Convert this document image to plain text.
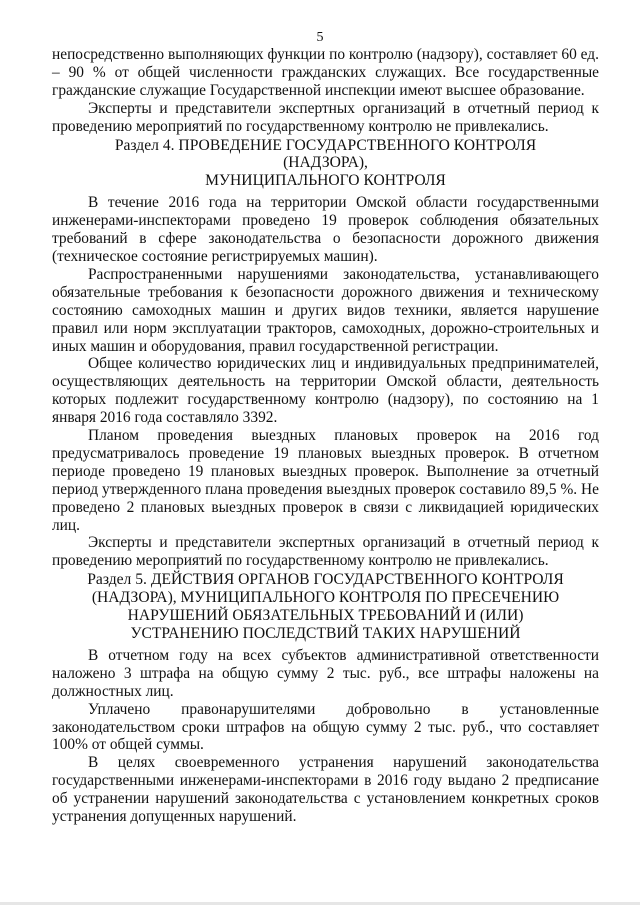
5

непосредственно выполняющих функции по контролю (надзору), составляет 60 ед. – 90 % от общей численности гражданских служащих. Все государственные гражданские служащие Государственной инспекции имеют высшее образование.

Эксперты и представители экспертных организаций в отчетный период к проведению мероприятий по государственному контролю не привлекались.

Раздел 4. ПРОВЕДЕНИЕ ГОСУДАРСТВЕННОГО КОНТРОЛЯ
(НАДЗОРА),
МУНИЦИПАЛЬНОГО КОНТРОЛЯ

В течение 2016 года на территории Омской области государственными инженерами-инспекторами проведено 19 проверок соблюдения обязательных требований в сфере законодательства о безопасности дорожного движения (техническое состояние регистрируемых машин).

Распространенными нарушениями законодательства, устанавливающего обязательные требования к безопасности дорожного движения и техническому состоянию самоходных машин и других видов техники, является нарушение правил или норм эксплуатации тракторов, самоходных, дорожно-строительных и иных машин и оборудования, правил государственной регистрации.

Общее количество юридических лиц и индивидуальных предпринимателей, осуществляющих деятельность на территории Омской области, деятельность которых подлежит государственному контролю (надзору), по состоянию на 1 января 2016 года составляло 3392.

Планом проведения выездных плановых проверок на 2016 год предусматривалось проведение 19 плановых выездных проверок. В отчетном периоде проведено 19 плановых выездных проверок. Выполнение за отчетный период утвержденного плана проведения выездных проверок составило 89,5 %. Не проведено 2 плановых выездных проверок в связи с ликвидацией юридических лиц.

Эксперты и представители экспертных организаций в отчетный период к проведению мероприятий по государственному контролю не привлекались.

Раздел 5. ДЕЙСТВИЯ ОРГАНОВ ГОСУДАРСТВЕННОГО КОНТРОЛЯ
(НАДЗОРА), МУНИЦИПАЛЬНОГО КОНТРОЛЯ ПО ПРЕСЕЧЕНИЮ
НАРУШЕНИЙ ОБЯЗАТЕЛЬНЫХ ТРЕБОВАНИЙ И (ИЛИ)
УСТРАНЕНИЮ ПОСЛЕДСТВИЙ ТАКИХ НАРУШЕНИЙ

В отчетном году на всех субъектов административной ответственности наложено 3 штрафа на общую сумму 2 тыс. руб., все штрафы наложены на должностных лиц.

Уплачено правонарушителями добровольно в установленные законодательством сроки штрафов на общую сумму 2 тыс. руб., что составляет 100% от общей суммы.

В целях своевременного устранения нарушений законодательства государственными инженерами-инспекторами в 2016 году выдано 2 предписание об устранении нарушений законодательства с установлением конкретных сроков устранения допущенных нарушений.
